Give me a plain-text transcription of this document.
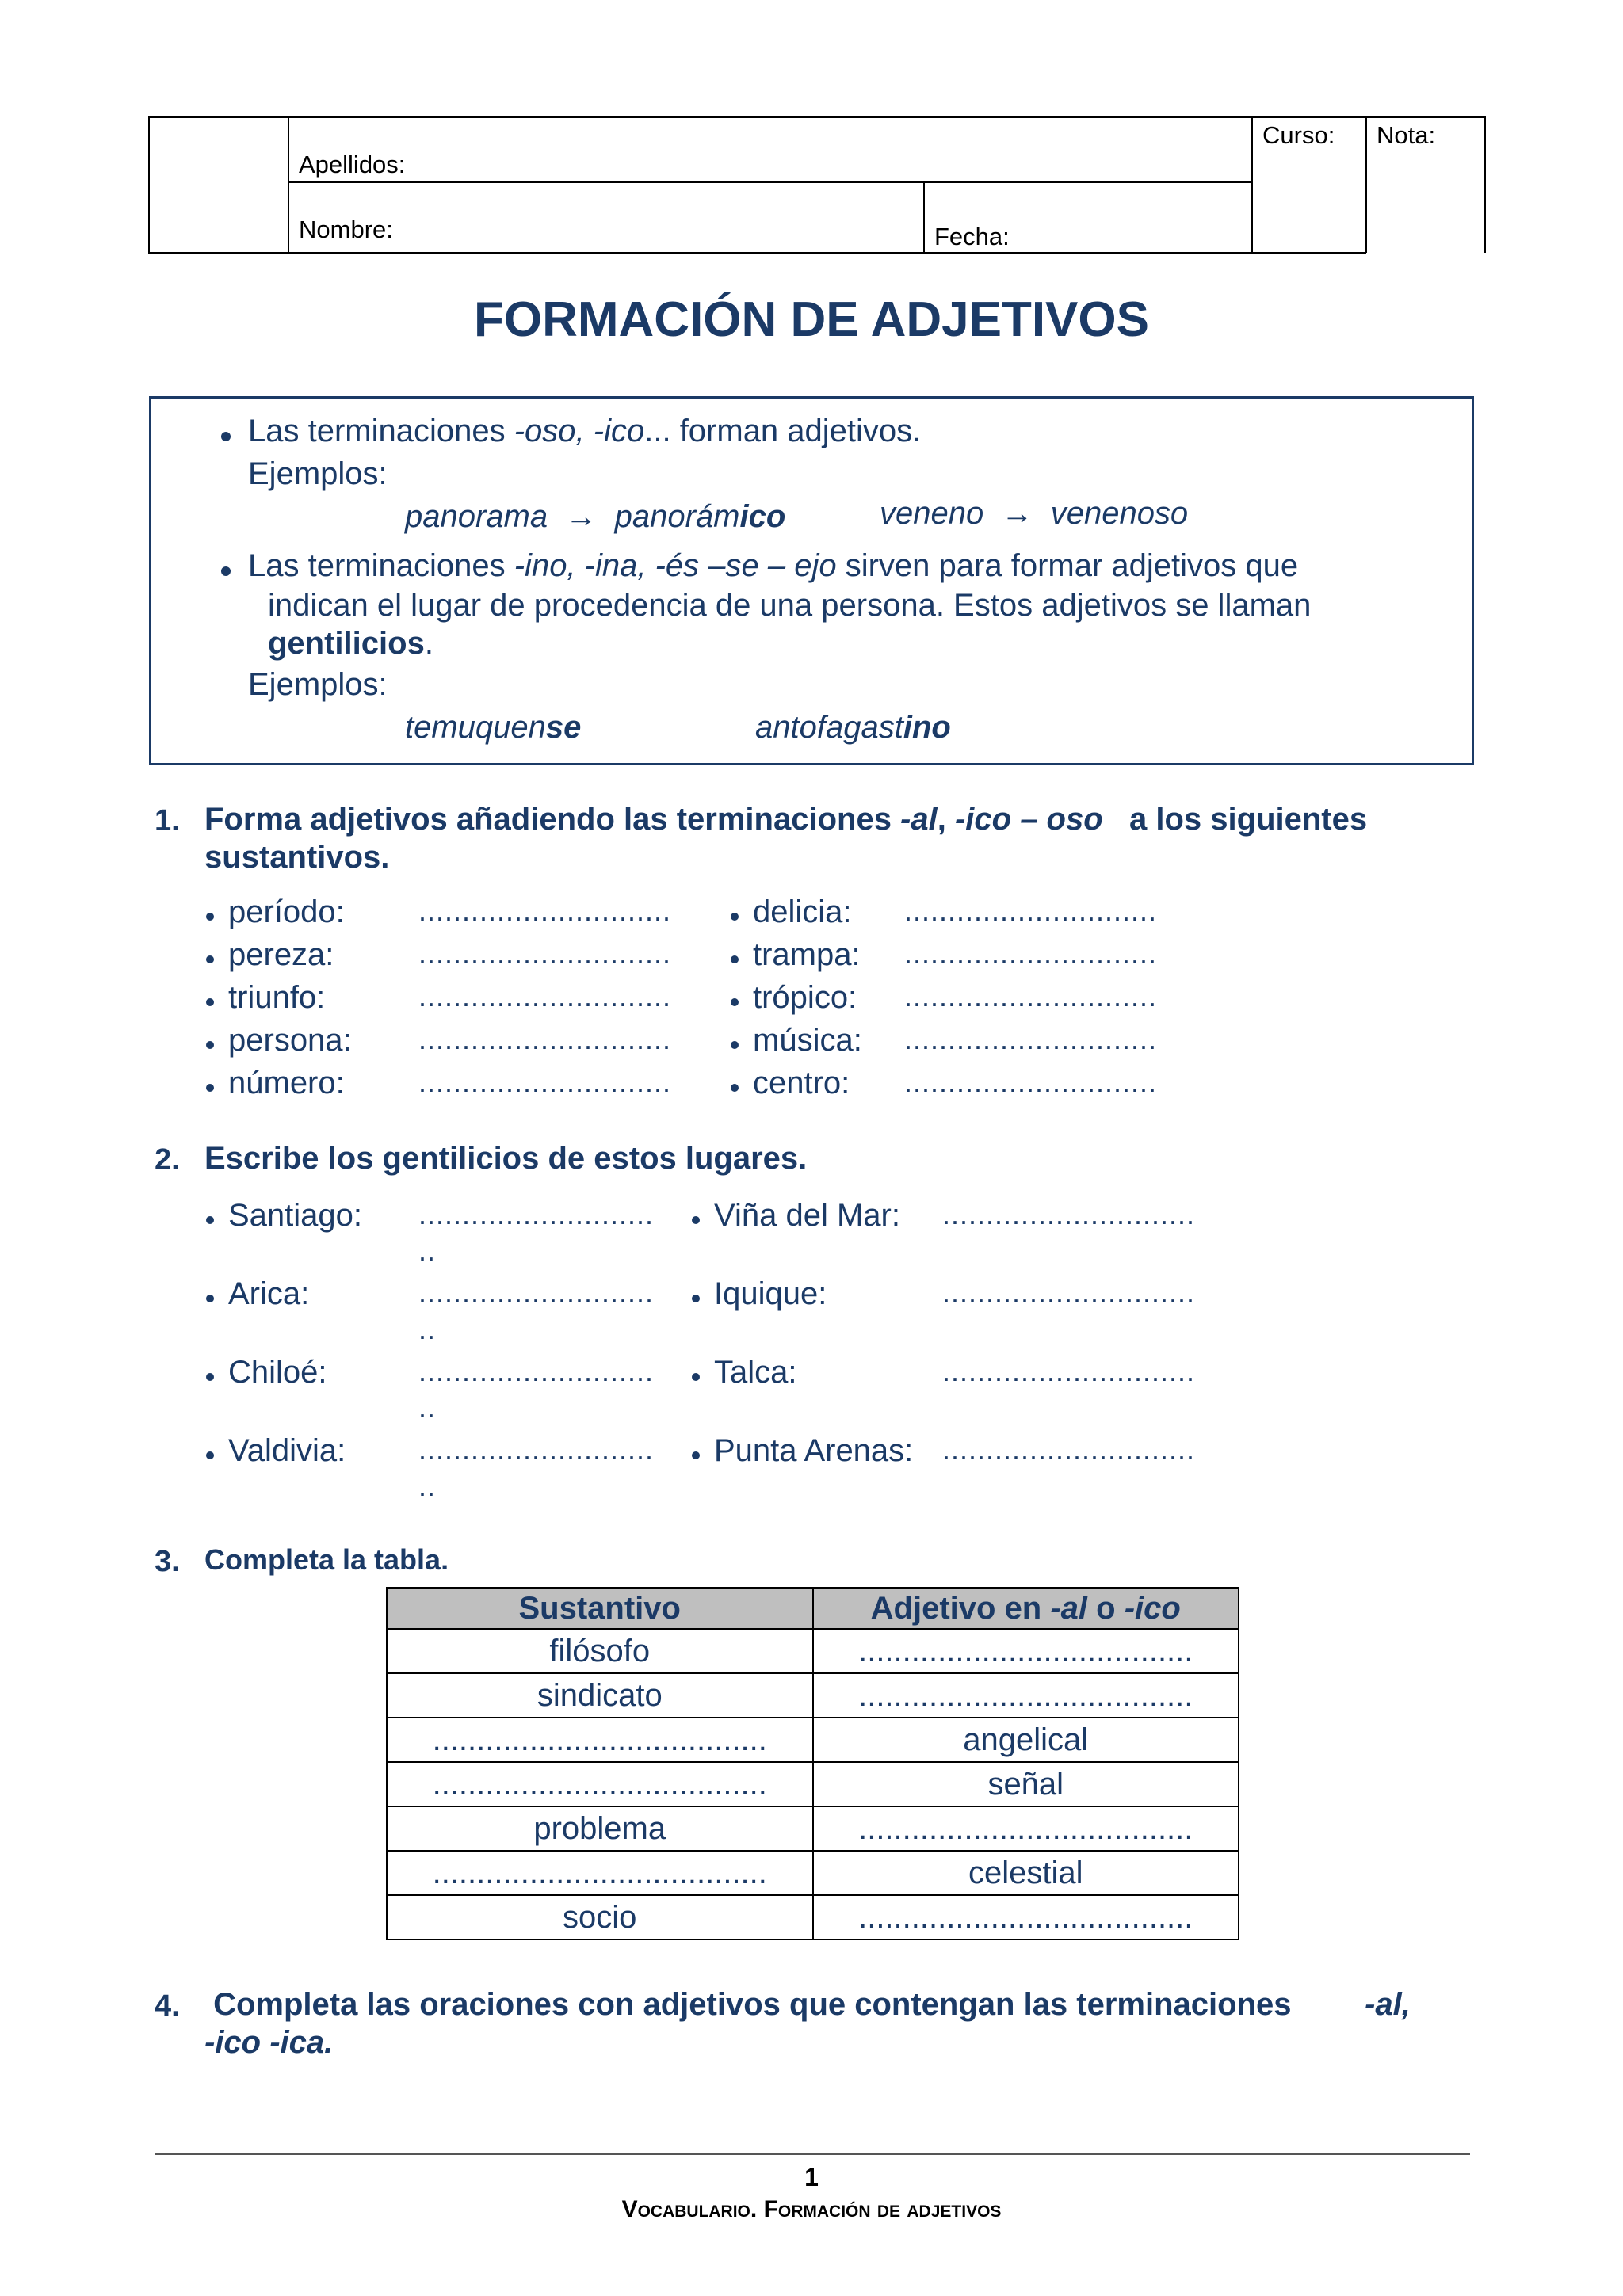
Apellidos:
Nombre:	Fecha:
Curso: Nota:
FORMACIÓN DE ADJETIVOS
Las terminaciones -oso, -ico... forman adjetivos.
Ejemplos:
panorama → panorámico	veneno → venenoso
Las terminaciones -ino, -ina, -és –se – ejo sirven para formar adjetivos que
indican el lugar de procedencia de una persona. Estos adjetivos se llaman
gentilicios.
Ejemplos:
temuquense	antofagastino
1. Forma adjetivos añadiendo las terminaciones -al, -ico – oso   a los siguientes
sustantivos.
período:	.............................
pereza:	.............................
triunfo:	.............................
persona: .............................
número:	.............................
delicia: .............................
trampa: .............................
trópico: .............................
música: .............................
centro: .............................
2. Escribe los gentilicios de estos lugares.
Santiago: ...........................
..
Arica:	...........................
..
Chiloé:	...........................
..
Valdivia:	...........................
..
Viña del Mar: .............................
Iquique:	.............................
Talca:	.............................
Punta Arenas: .............................
3. Completa la tabla.
Sustantivo	Adjetivo en -al o -ico
filósofo	......................................
sindicato	......................................
......................................	angelical
......................................	señal
problema	......................................
......................................	celestial
socio	......................................
4. Completa las oraciones con adjetivos que contengan las terminaciones -al,
-ico -ica.
1
Vocabulario. Formación de adjetivos
